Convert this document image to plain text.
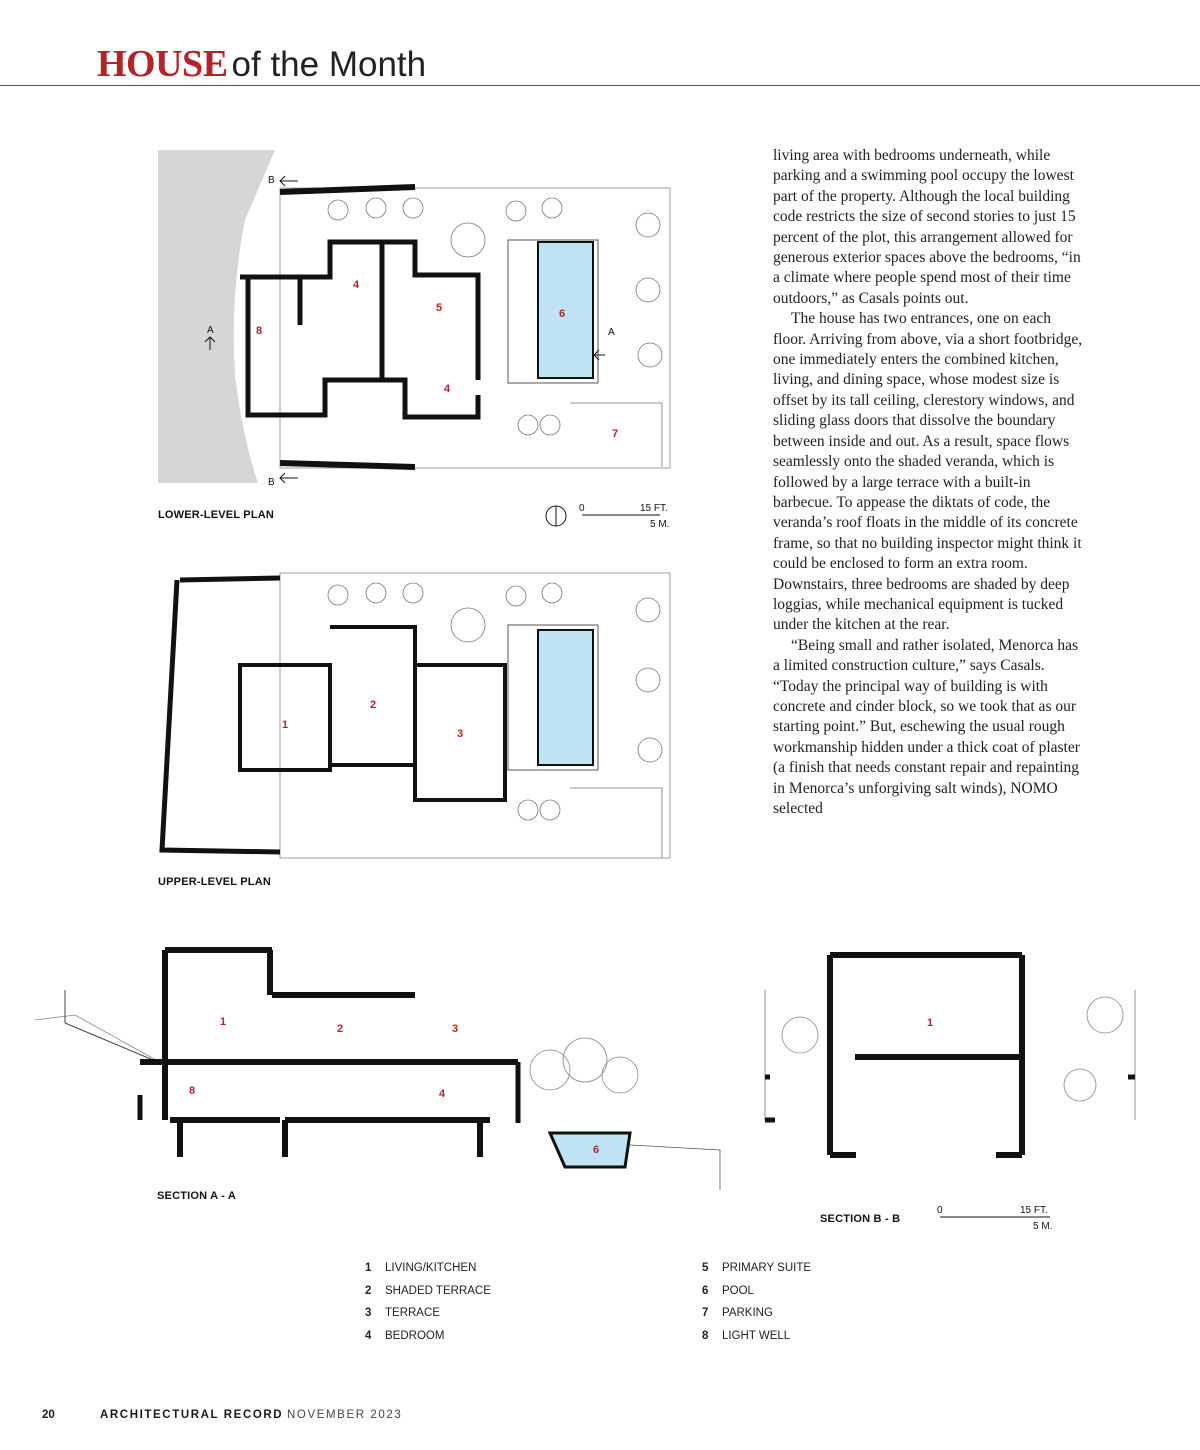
HOUSE of the Month
A	A
B
B
4
5	6
8
4
7
0	15 FT.
5 M.
LOWER-LEVEL PLAN
1
2
3
UPPER-LEVEL PLAN
1
2	3
8	4
6
SECTION A - A
1
0	15 FT.
5 M.
SECTION B - B

living area with bedrooms underneath, while parking and a swimming pool occupy the lowest part of the property. Although the local building code restricts the size of second stories to just 15 percent of the plot, this arrangement allowed for generous exterior spaces above the bedrooms, “in a climate where people spend most of their time outdoors,” as Casals points out.

The house has two entrances, one on each floor. Arriving from above, via a short footbridge, one immediately enters the combined kitchen, living, and dining space, whose modest size is offset by its tall ceiling, clerestory windows, and sliding glass doors that dissolve the boundary between inside and out. As a result, space flows seamlessly onto the shaded veranda, which is followed by a large terrace with a built-in barbecue. To appease the diktats of code, the veranda’s roof floats in the middle of its concrete frame, so that no building inspector might think it could be enclosed to form an extra room. Downstairs, three bedrooms are shaded by deep loggias, while mechanical equipment is tucked under the kitchen at the rear.

“Being small and rather isolated, Menorca has a limited construction culture,” says Casals. “Today the principal way of building is with concrete and cinder block, so we took that as our starting point.” But, eschewing the usual rough workmanship hidden under a thick coat of plaster (a finish that needs constant repair and repainting in Menorca’s unforgiving salt winds), NOMO selected

1	LIVING/KITCHEN
2	SHADED TERRACE
3	TERRACE
4	BEDROOM
5	PRIMARY SUITE
6	POOL
7	PARKING
8	LIGHT WELL
20	ARCHITECTURAL RECORD NOVEMBER 2023
